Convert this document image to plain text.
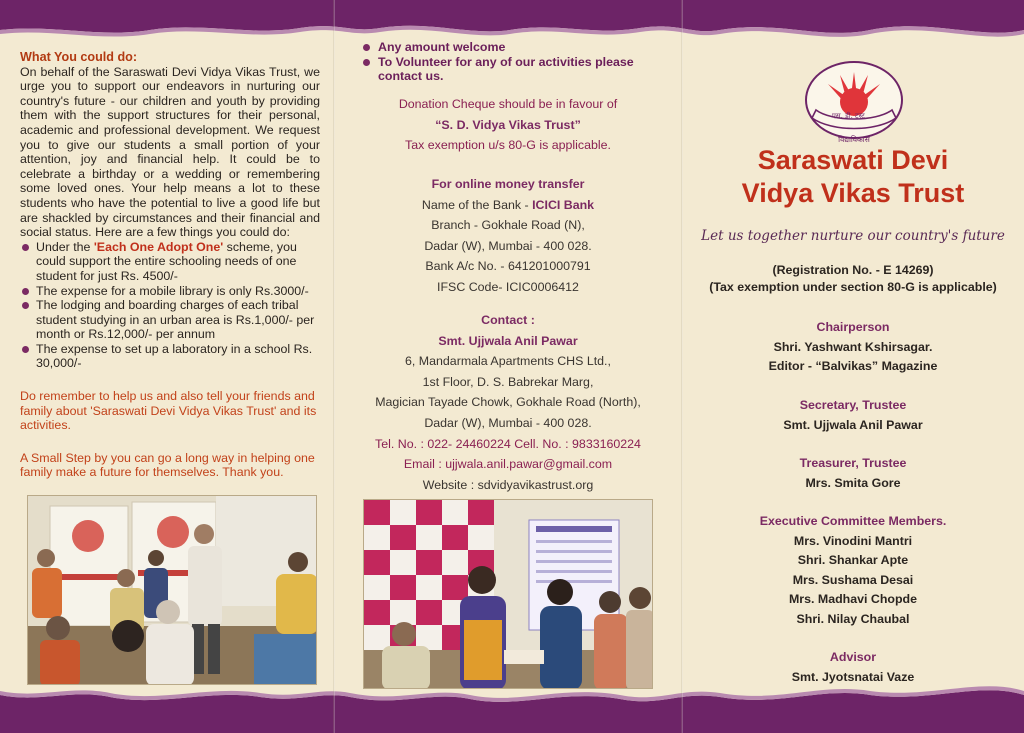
What You could do:

On behalf of the Saraswati Devi Vidya Vikas Trust, we urge you to support our endeavors in nurturing our country's future - our children and youth by providing them with the support structures for their personal, academic and professional development. We request you to give our students a small portion of your attention, joy and financial help. It could be to celebrate a birthday or a wedding or remembering some loved ones. Your help means a lot to these students who have the potential to live a good life but are shackled by circumstances and their financial and social status. Here are a few things you could do:

Under the 'Each One Adopt One' scheme, you could support the entire schooling needs of one student for just Rs. 4500/-
The expense for a mobile library is only Rs.3000/-
The lodging and boarding charges of each tribal student studying in an urban area is Rs.1,000/- per month or Rs.12,000/- per annum
The expense to set up a laboratory in a school Rs. 30,000/-

Do remember to help us and also tell your friends and family about 'Saraswati Devi Vidya Vikas Trust' and its activities.

A Small Step by you can go a long way in helping one family make a future for themselves. Thank you.

Any amount welcome
To Volunteer for any of our activities please contact us.
Donation Cheque should be in favour of
“S. D. Vidya Vikas Trust”
Tax exemption u/s 80-G is applicable.
For online money transfer
Name of the Bank - ICICI Bank
Branch - Gokhale Road (N),
Dadar (W), Mumbai - 400 028.
Bank A/c No. - 641201000791
IFSC Code- ICIC0006412
Contact :
Smt. Ujjwala Anil Pawar
6, Mandarmala Apartments CHS Ltd.,
1st Floor, D. S. Babrekar Marg,
Magician Tayade Chowk, Gokhale Road (North),
Dadar (W), Mumbai - 400 028.
Tel. No. : 022- 24460224 Cell. No. : 9833160224
Email : ujjwala.anil.pawar@gmail.com
Website : sdvidyavikastrust.org
एस. डी. ट्रस्ट
विद्याविकास
Saraswati Devi
Vidya Vikas Trust
Let us together nurture our country's future
(Registration No. - E 14269)
(Tax exemption under section 80-G is applicable)
Chairperson
Shri. Yashwant Kshirsagar.
Editor - “Balvikas” Magazine
Secretary, Trustee
Smt. Ujjwala Anil Pawar
Treasurer, Trustee
Mrs. Smita Gore
Executive Committee Members.
Mrs. Vinodini Mantri
Shri. Shankar Apte
Mrs. Sushama Desai
Mrs. Madhavi Chopde
Shri. Nilay Chaubal
Advisor
Smt. Jyotsnatai Vaze
